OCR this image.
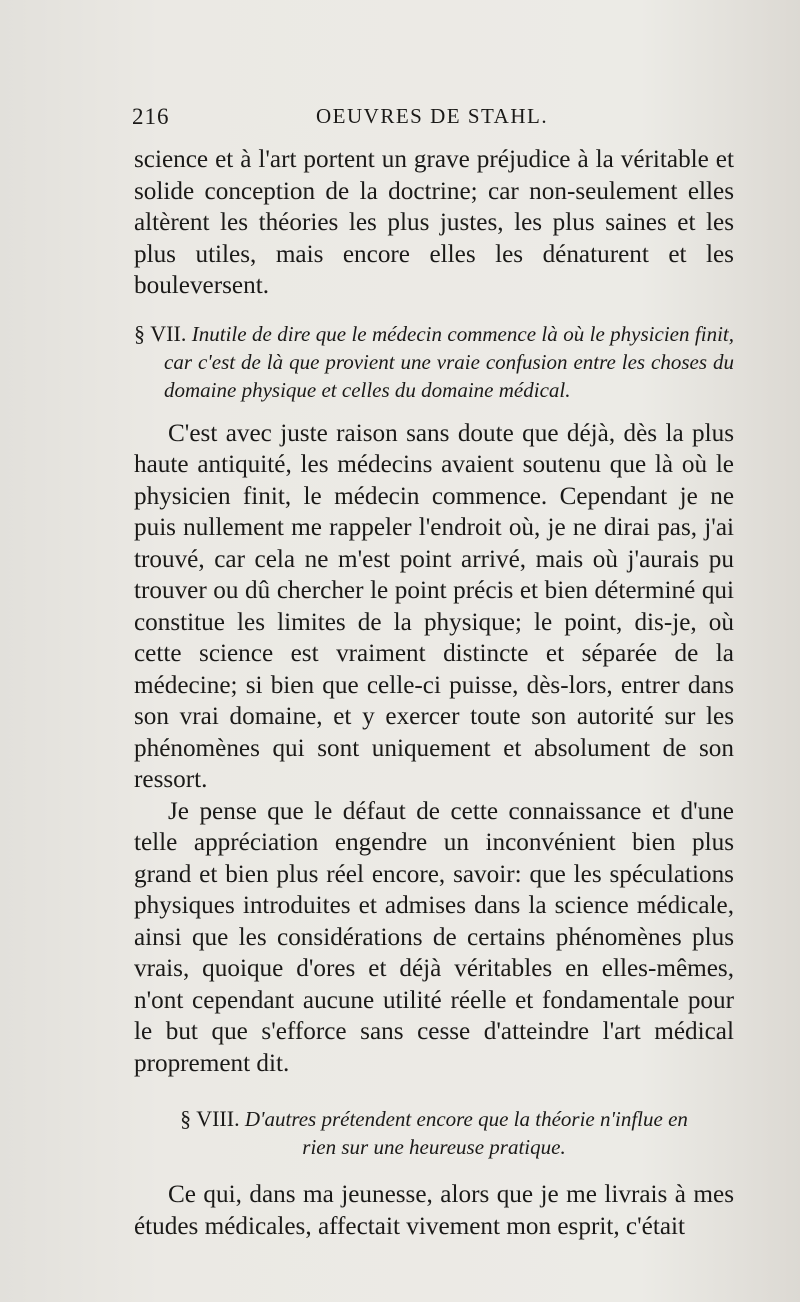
216	OEUVRES DE STAHL.

science et à l'art portent un grave préjudice à la véritable et solide conception de la doctrine; car non-seulement elles altèrent les théories les plus justes, les plus saines et les plus utiles, mais encore elles les dénaturent et les bouleversent.

§ VII. Inutile de dire que le médecin commence là où le physicien finit, car c'est de là que provient une vraie confusion entre les choses du domaine physique et celles du domaine médical.

C'est avec juste raison sans doute que déjà, dès la plus haute antiquité, les médecins avaient soutenu que là où le physicien finit, le médecin commence. Cependant je ne puis nullement me rappeler l'endroit où, je ne dirai pas, j'ai trouvé, car cela ne m'est point arrivé, mais où j'aurais pu trouver ou dû chercher le point précis et bien déterminé qui constitue les limites de la physique; le point, dis-je, où cette science est vraiment distincte et séparée de la médecine; si bien que celle-ci puisse, dès-lors, entrer dans son vrai domaine, et y exercer toute son autorité sur les phénomènes qui sont uniquement et absolument de son ressort.

Je pense que le défaut de cette connaissance et d'une telle appréciation engendre un inconvénient bien plus grand et bien plus réel encore, savoir: que les spéculations physiques introduites et admises dans la science médicale, ainsi que les considérations de certains phénomènes plus vrais, quoique d'ores et déjà véritables en elles-mêmes, n'ont cependant aucune utilité réelle et fondamentale pour le but que s'efforce sans cesse d'atteindre l'art médical proprement dit.

§ VIII. D'autres prétendent encore que la théorie n'influe en
rien sur une heureuse pratique.

Ce qui, dans ma jeunesse, alors que je me livrais à mes études médicales, affectait vivement mon esprit, c'était
